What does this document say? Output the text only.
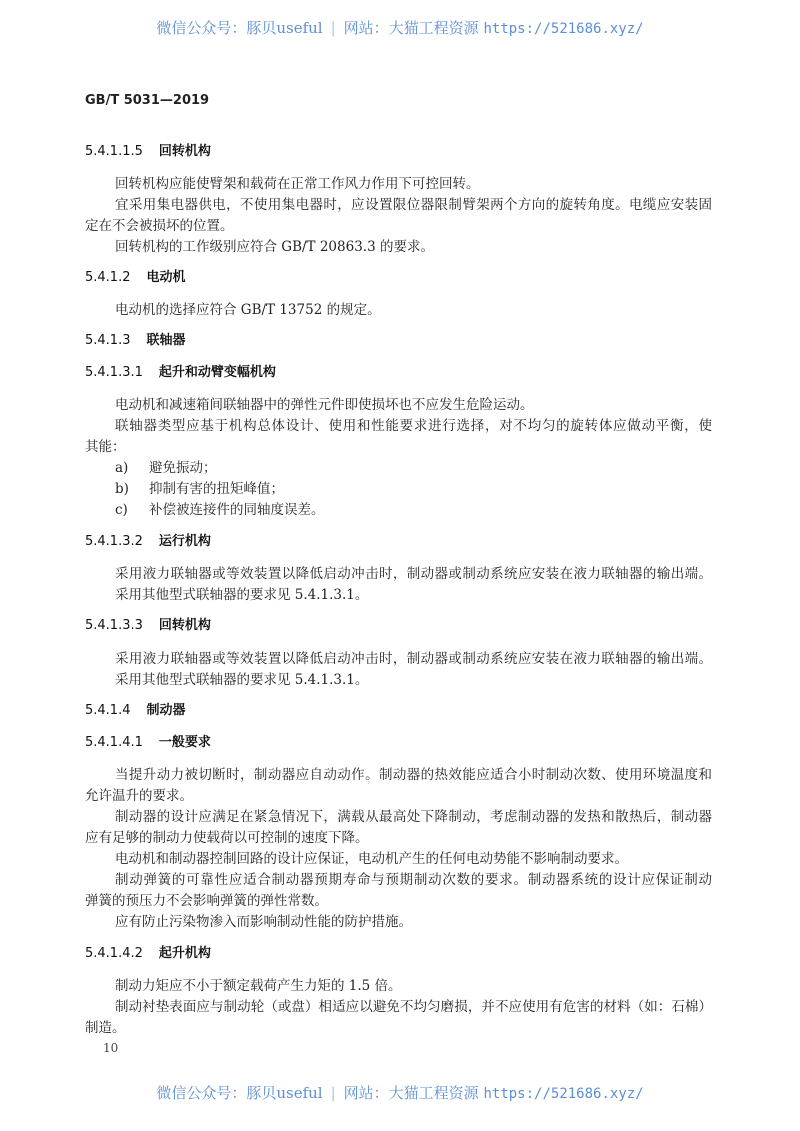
微信公众号：豚贝useful | 网站：大猫工程资源 https://521686.xyz/
GB/T 5031—2019
5.4.1.1.5 回转机构
回转机构应能使臂架和载荷在正常工作风力作用下可控回转。
宜采用集电器供电，不使用集电器时，应设置限位器限制臂架两个方向的旋转角度。电缆应安装固
定在不会被损坏的位置。
回转机构的工作级别应符合 GB/T 20863.3 的要求。
5.4.1.2 电动机
电动机的选择应符合 GB/T 13752 的规定。
5.4.1.3 联轴器
5.4.1.3.1 起升和动臂变幅机构
电动机和减速箱间联轴器中的弹性元件即使损坏也不应发生危险运动。
联轴器类型应基于机构总体设计、使用和性能要求进行选择，对不均匀的旋转体应做动平衡，使
其能：
a) 避免振动；
b) 抑制有害的扭矩峰值；
c) 补偿被连接件的同轴度误差。
5.4.1.3.2 运行机构
采用液力联轴器或等效装置以降低启动冲击时，制动器或制动系统应安装在液力联轴器的输出端。
采用其他型式联轴器的要求见 5.4.1.3.1。
5.4.1.3.3 回转机构
采用液力联轴器或等效装置以降低启动冲击时，制动器或制动系统应安装在液力联轴器的输出端。
采用其他型式联轴器的要求见 5.4.1.3.1。
5.4.1.4 制动器
5.4.1.4.1 一般要求
当提升动力被切断时，制动器应自动动作。制动器的热效能应适合小时制动次数、使用环境温度和
允许温升的要求。
制动器的设计应满足在紧急情况下，满载从最高处下降制动，考虑制动器的发热和散热后，制动器
应有足够的制动力使载荷以可控制的速度下降。
电动机和制动器控制回路的设计应保证，电动机产生的任何电动势能不影响制动要求。
制动弹簧的可靠性应适合制动器预期寿命与预期制动次数的要求。制动器系统的设计应保证制动
弹簧的预压力不会影响弹簧的弹性常数。
应有防止污染物渗入而影响制动性能的防护措施。
5.4.1.4.2 起升机构
制动力矩应不小于额定载荷产生力矩的 1.5 倍。
制动衬垫表面应与制动轮（或盘）相适应以避免不均匀磨损，并不应使用有危害的材料（如：石棉）
制造。
10
微信公众号：豚贝useful | 网站：大猫工程资源 https://521686.xyz/
